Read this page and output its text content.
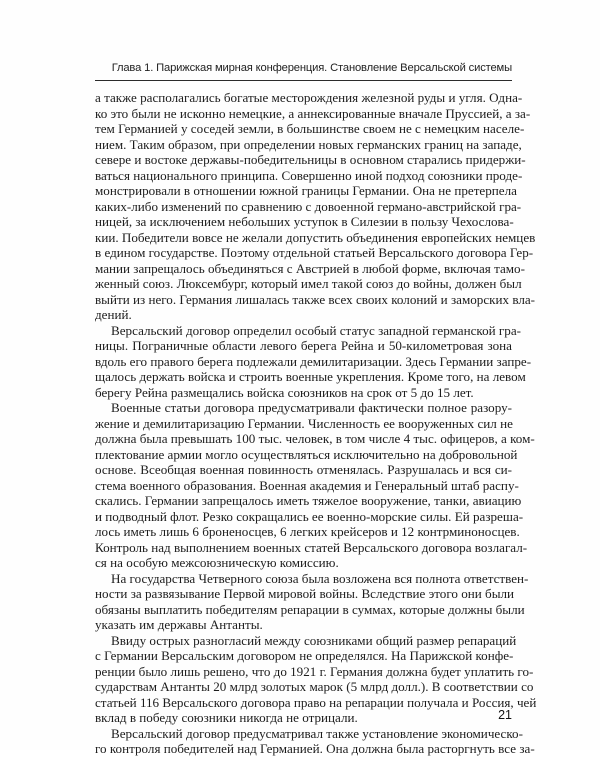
Глава 1. Парижская мирная конференция. Становление Версальской системы

а также располагались богатые месторождения железной руды и угля. Одна-
ко это были не исконно немецкие, а аннексированные вначале Пруссией, а за-
тем Германией у соседей земли, в большинстве своем не с немецким населе-
нием. Таким образом, при определении новых германских границ на западе,
севере и востоке державы-победительницы в основном старались придержи-
ваться национального принципа. Совершенно иной подход союзники проде-
монстрировали в отношении южной границы Германии. Она не претерпела
каких-либо изменений по сравнению с довоенной германо-австрийской гра-
ницей, за исключением небольших уступок в Силезии в пользу Чехослова-
кии. Победители вовсе не желали допустить объединения европейских немцев
в едином государстве. Поэтому отдельной статьей Версальского договора Гер-
мании запрещалось объединяться с Австрией в любой форме, включая тамо-
женный союз. Люксембург, который имел такой союз до войны, должен был
выйти из него. Германия лишалась также всех своих колоний и заморских вла-
дений.

Версальский договор определил особый статус западной германской гра-
ницы. Пограничные области левого берега Рейна и 50-километровая зона
вдоль его правого берега подлежали демилитаризации. Здесь Германии запре-
щалось держать войска и строить военные укрепления. Кроме того, на левом
берегу Рейна размещались войска союзников на срок от 5 до 15 лет.

Военные статьи договора предусматривали фактически полное разору-
жение и демилитаризацию Германии. Численность ее вооруженных сил не
должна была превышать 100 тыс. человек, в том числе 4 тыс. офицеров, а ком-
плектование армии могло осуществляться исключительно на добровольной
основе. Всеобщая военная повинность отменялась. Разрушалась и вся си-
стема военного образования. Военная академия и Генеральный штаб распу-
скались. Германии запрещалось иметь тяжелое вооружение, танки, авиацию
и подводный флот. Резко сокращались ее военно-морские силы. Ей разреша-
лось иметь лишь 6 броненосцев, 6 легких крейсеров и 12 контрминоносцев.
Контроль над выполнением военных статей Версальского договора возлагал-
ся на особую межсоюзническую комиссию.

На государства Четверного союза была возложена вся полнота ответствен-
ности за развязывание Первой мировой войны. Вследствие этого они были
обязаны выплатить победителям репарации в суммах, которые должны были
указать им державы Антанты.

Ввиду острых разногласий между союзниками общий размер репараций
с Германии Версальским договором не определялся. На Парижской конфе-
ренции было лишь решено, что до 1921 г. Германия должна будет уплатить го-
сударствам Антанты 20 млрд золотых марок (5 млрд долл.). В соответствии со
статьей 116 Версальского договора право на репарации получала и Россия, чей
вклад в победу союзники никогда не отрицали.

Версальский договор предусматривал также установление экономическо-
го контроля победителей над Германией. Она должна была расторгнуть все за-

21
